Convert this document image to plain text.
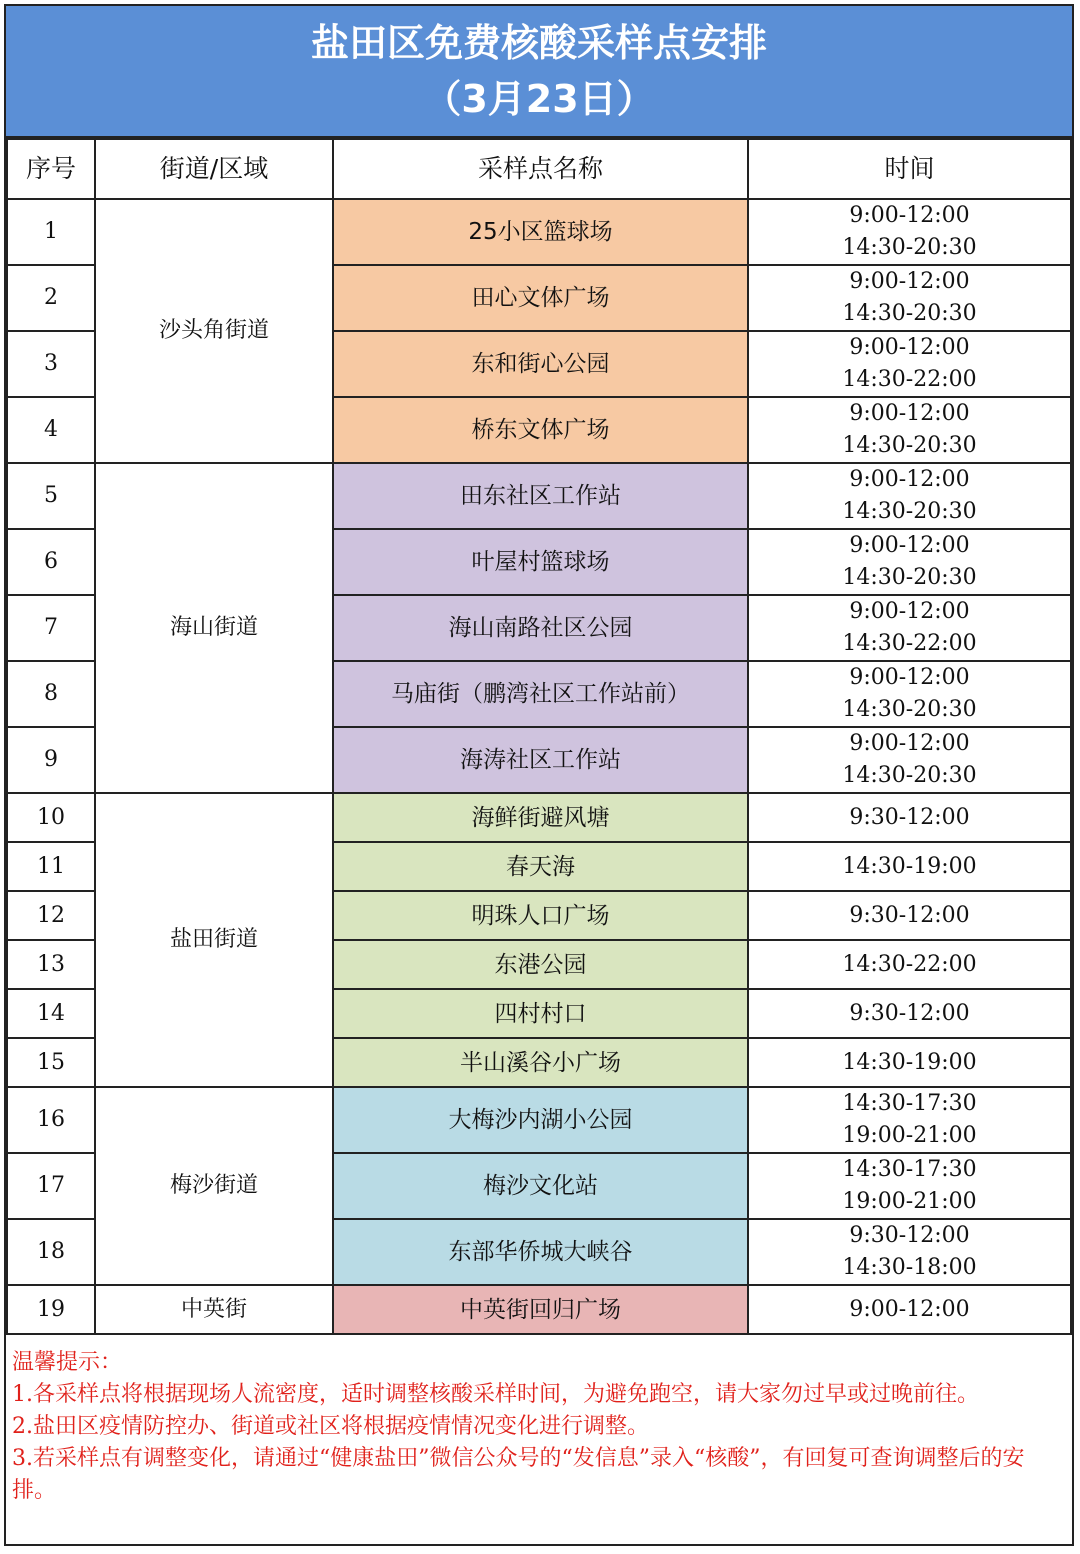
盐田区免费核酸采样点安排
（3月23日）
序号	街道/区域	采样点名称	时间
1	沙头角街道	25小区篮球场	9:00-12:00
14:30-20:30

2		田心文体广场	9:00-12:00
14:30-20:30

3		东和街心公园	9:00-12:00
14:30-22:00

4		桥东文体广场	9:00-12:00
14:30-20:30

5	海山街道	田东社区工作站	9:00-12:00
14:30-20:30

6		叶屋村篮球场	9:00-12:00
14:30-20:30

7		海山南路社区公园	9:00-12:00
14:30-22:00

8		马庙街（鹏湾社区工作站前）	9:00-12:00
14:30-20:30

9		海涛社区工作站	9:00-12:00
14:30-20:30

10	盐田街道	海鲜街避风塘	9:30-12:00

11		春天海	14:30-19:00

12		明珠人口广场	9:30-12:00

13		东港公园	14:30-22:00

14		四村村口	9:30-12:00

15		半山溪谷小广场	14:30-19:00

16	梅沙街道	大梅沙内湖小公园	14:30-17:30
19:00-21:00

17		梅沙文化站	14:30-17:30
19:00-21:00

18		东部华侨城大峡谷	9:30-12:00
14:30-18:00

19	中英街	中英街回归广场	9:00-12:00
温馨提示：
1.各采样点将根据现场人流密度，适时调整核酸采样时间，为避免跑空，请大家勿过早或过晚前往。
2.盐田区疫情防控办、街道或社区将根据疫情情况变化进行调整。
3.若采样点有调整变化，请通过“健康盐田”微信公众号的“发信息”录入“核酸”，有回复可查询调整后的安排。
